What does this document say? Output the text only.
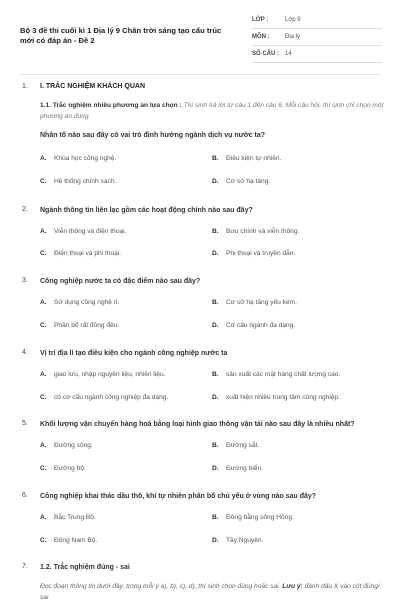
Bộ 3 đề thi cuối kì 1 Địa lý 9 Chân trời sáng tạo cấu trúc mới có đáp án - Đề 2
LỚP :	Lớp 9
MÔN :	Địa lý
SỐ CÂU : 14
1. I. TRẮC NGHIỆM KHÁCH QUAN
1.1. Trắc nghiệm nhiều phương án lựa chọn : Thí sinh trả lời từ câu 1 đến câu 6. Mỗi câu hỏi, thí sinh chỉ chọn một phương án đúng.
Nhân tố nào sau đây có vai trò định hướng ngành dịch vụ nước ta?
A. Khoa học công nghệ.	B. Điều kiện tự nhiên.
C. Hệ thống chính sách.	D. Cơ sở hạ tầng.
2. Ngành thông tin liên lạc gồm các hoạt động chính nào sau đây?
A. Viễn thông và điện thoại.	B. Bưu chính và viễn thông.
C. Điện thoại và phi thoại.	D. Phi thoại và truyền dẫn.
3. Công nghiệp nước ta có đặc điểm nào sau đây?
A. Sử dụng công nghệ ít.	B. Cơ sở hạ tầng yếu kém.
C. Phân bố rất đồng đều.	D. Cơ cấu ngành đa dạng.
4. Vị trí địa lí tạo điều kiện cho ngành công nghiệp nước ta
A. giao lưu, nhập nguyên liệu, nhiên liệu.	B. sản xuất các mặt hàng chất lượng cao.
C. có cơ cấu ngành công nghiệp đa dạng.	D. xuất hiện nhiều trung tâm công nghiệp.
5. Khối lượng vận chuyển hàng hoá bằng loại hình giao thông vận tải nào sau đây là nhiều nhất?
A. Đường sông.	B. Đường sắt.
C. Đường bộ.	D. Đường biển.
6. Công nghiệp khai thác dầu thô, khí tự nhiên phân bố chủ yếu ở vùng nào sau đây?
A. Bắc Trung Bộ.	B. Đồng bằng sông Hồng.
C. Đông Nam Bộ.	D. Tây Nguyên.
7. 1.2. Trắc nghiệm đúng - sai
Đọc đoạn thông tin dưới đây, trong mỗi ý a), b), c), d), thí sinh chọn đúng hoặc sai. Lưu ý: đánh dấu X vào cột đúng/ sai
